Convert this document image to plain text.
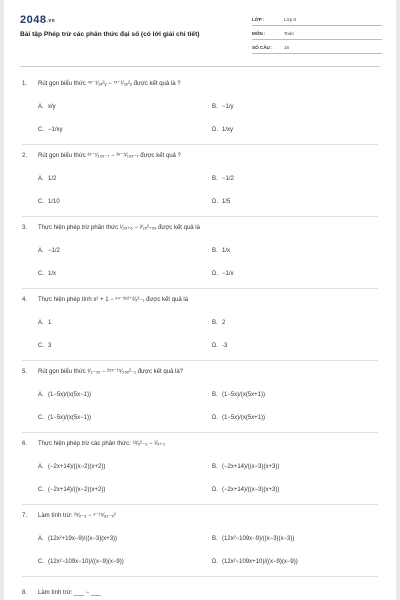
2048.vn
Bài tập Phép trừ các phân thức đại số (có lời giải chi tiết)
LỚP :	Lớp 8
MÔN :	Toán
SỐ CÂU : 16
1. Rút gọn biểu thức ⁴ˣ⁻¹⁄₃ₓ²ᵧ − ⁷ˣ⁻¹⁄₃ₓ²ᵧ được kết quả là ?
A. x/y	B. −1/y
C. −1/xy	D. 1/xy
2. Rút gọn biểu thức ²ˣ⁻⁷⁄₁₀ₓ₋₇ − ³ˣ⁻⁵⁄₁₀ₓ₋₇ được kết quả ?
A. 1/2	B. −1/2
C. 1/10	D. 1/5
3. Thực hiện phép trừ phân thức ¹⁄₂ₓ₊₆ − ³⁄₂ₓ²₊₆ₓ được kết quả là
A. −1/2	B. 1/x
C. 1/x	D. −1/x
4. Thực hiện phép tính x² + 1 − ˣ⁴⁻³ˣ²⁺²⁄ₓ²₋₁ được kết quả là
A. 1	B. 2
C. 3	D. -3
5. Rút gọn biểu thức ³⁄₂₋₂ₓ − ²⁵ˣ⁻¹⁵⁄₂₅ₓ²₋₁ được kết quả là?
A. (1−5x)/(x(5x−1))	B. (1−5x)/(x(5x+1))
C. (1−5x)/(x(5x−1))	D. (1−5x)/(x(5x+1))
6. Thực hiện phép trừ các phân thức: ¹⁸⁄ₓ²₋₉ − ²⁄ₓ₊₃
A. (−2x+14)/((x−2)(x+2))	B. (−2x+14)/((x−3)(x+3))
C. (−2x+14)/((x−2)(x+2))	D. (−2x+14)/((x−3)(x+3))
7. Làm tính trừ: ²ˣ⁄ₓ₋₉ − ˣ⁻¹⁵⁄₈₁₋ₓ²
A. (12x²+19x−9)/((x−3)(x+3))	B. (12x²−109x−9)/((x−3)(x−3))
C. (12x²−109x−10)/((x−9)(x−9))	D. (12x²−109x+10)/((x−9)(x−9))
8. Làm tính trừ: ___ − ___
